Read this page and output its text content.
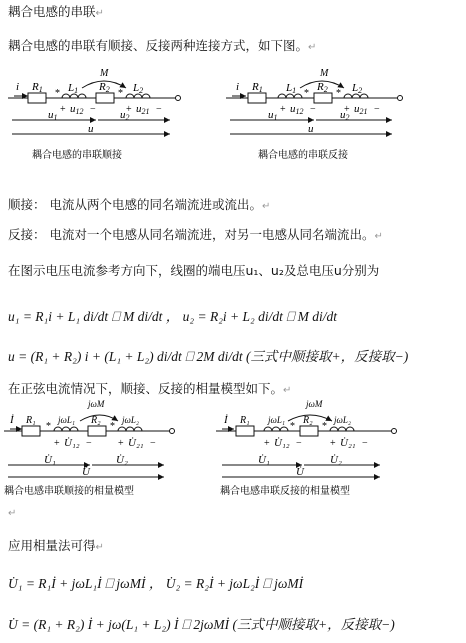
耦合电感的串联↵
耦合电感的串联有顺接、反接两种连接方式，如下图。↵
i R1 * L1
M
R2 * L2
+ u12 −	+ u21 −
u1	u2
u
耦合电感的串联顺接
i R1 L1 *
M
R2 * L2
+ u12 −	+ u21 −
u1	u2
u
耦合电感的串联反接
顺接： 电流从两个电感的同名端流进或流出。↵
反接： 电流对一个电感从同名端流进，对另一电感从同名端流出。↵
在图示电压电流参考方向下，线圈的端电压u₁、u₂及总电压u分别为
u₁ = R₁i + L₁ di/dt ⎕ M di/dt ， u₂ = R₂i + L₂ di/dt ⎕ M di/dt
u = (R₁ + R₂) i + (L₁ + L₂) di/dt ⎕ 2M di/dt (三式中顺接取+，反接取−)
在正弦电流情况下，顺接、反接的相量模型如下。↵
İ R₁
*
jωL₁
jωM
R₂
*
jωL₂
+ U̇₁₂ −	+ U̇₂₁ −
U̇₁	U̇₂
U̇
耦合电感串联顺接的相量模型
İ R₁ jωL₁
*
jωM
R₂
*
jωL₂
+ U̇₁₂ −	+ U̇₂₁ −
U̇₁	U̇₂
U̇
耦合电感串联反接的相量模型
↵
应用相量法可得↵
U̇₁ = R₁İ + jωL₁İ ⎕ jωMİ ， U̇₂ = R₂İ + jωL₂İ ⎕ jωMİ
U̇ = (R₁ + R₂) İ + jω(L₁ + L₂) İ ⎕ 2jωMİ (三式中顺接取+，反接取−)
